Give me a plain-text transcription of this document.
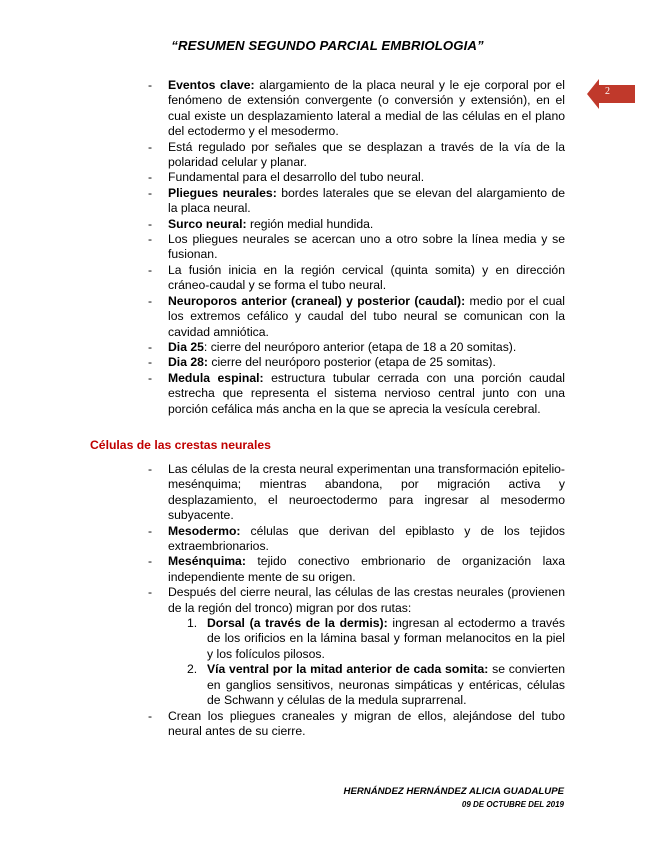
“RESUMEN SEGUNDO PARCIAL EMBRIOLOGIA”
2
- Eventos clave: alargamiento de la placa neural y le eje corporal por el fenómeno de extensión convergente (o conversión y extensión), en el cual existe un desplazamiento lateral a medial de las células en el plano del ectodermo y el mesodermo.
- Está regulado por señales que se desplazan a través de la vía de la polaridad celular y planar.
- Fundamental para el desarrollo del tubo neural.
- Pliegues neurales: bordes laterales que se elevan del alargamiento de la placa neural.
- Surco neural: región medial hundida.
- Los pliegues neurales se acercan uno a otro sobre la línea media y se fusionan.
- La fusión inicia en la región cervical (quinta somita) y en dirección cráneo-caudal y se forma el tubo neural.
- Neuroporos anterior (craneal) y posterior (caudal): medio por el cual los extremos cefálico y caudal del tubo neural se comunican con la cavidad amniótica.
- Dia 25: cierre del neuróporo anterior (etapa de 18 a 20 somitas).
- Dia 28: cierre del neuróporo posterior (etapa de 25 somitas).
- Medula espinal: estructura tubular cerrada con una porción caudal estrecha que representa el sistema nervioso central junto con una porción cefálica más ancha en la que se aprecia la vesícula cerebral.
Células de las crestas neurales
- Las células de la cresta neural experimentan una transformación epitelio-mesénquima; mientras abandona, por migración activa y desplazamiento, el neuroectodermo para ingresar al mesodermo subyacente.
- Mesodermo: células que derivan del epiblasto y de los tejidos extraembrionarios.
- Mesénquima: tejido conectivo embrionario de organización laxa independiente mente de su origen.
- Después del cierre neural, las células de las crestas neurales (provienen de la región del tronco) migran por dos rutas:
1. Dorsal (a través de la dermis): ingresan al ectodermo a través de los orificios en la lámina basal y forman melanocitos en la piel y los folículos pilosos.
2. Vía ventral por la mitad anterior de cada somita: se convierten en ganglios sensitivos, neuronas simpáticas y entéricas, células de Schwann y células de la medula suprarrenal.
- Crean los pliegues craneales y migran de ellos, alejándose del tubo neural antes de su cierre.
HERNÁNDEZ HERNÁNDEZ ALICIA GUADALUPE
09 DE OCTUBRE DEL 2019
